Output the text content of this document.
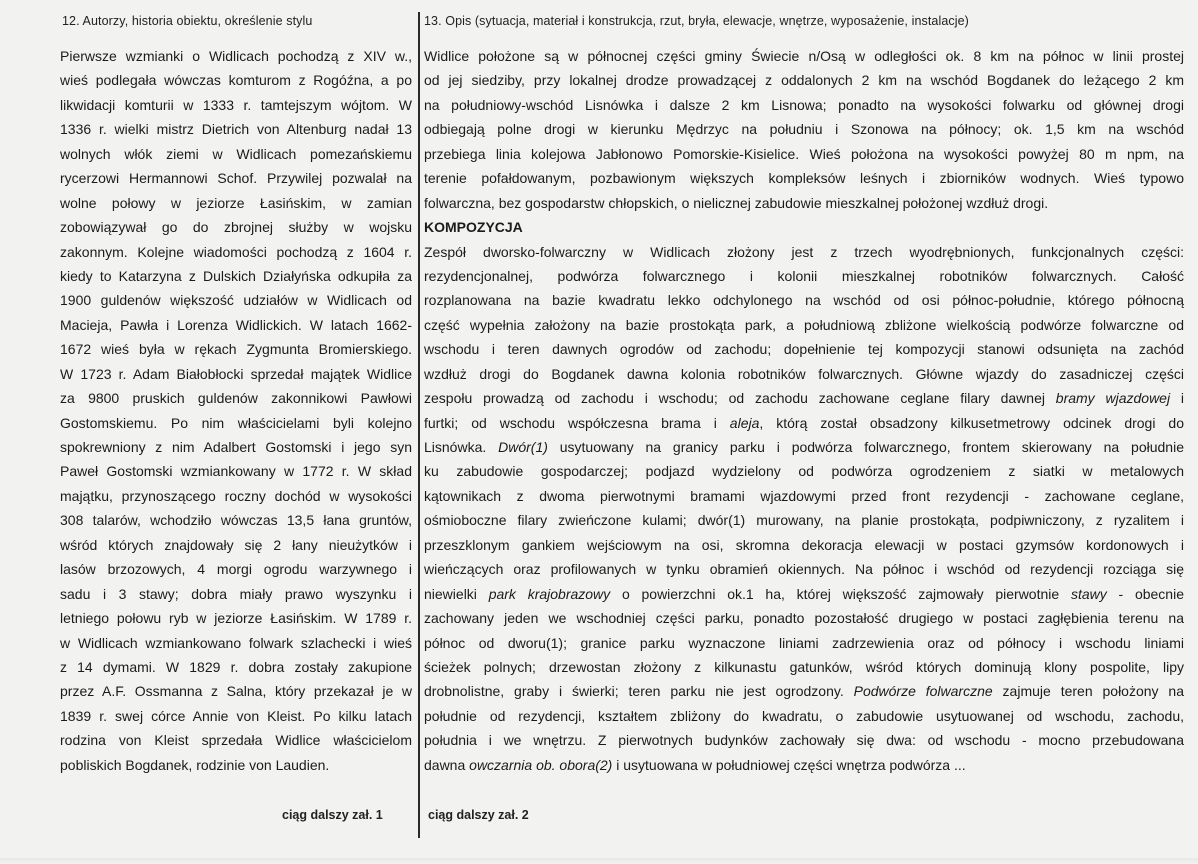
12. Autorzy, historia obiektu, określenie stylu	13. Opis (sytuacja, materiał i konstrukcja, rzut, bryła, elewacje, wnętrze, wyposażenie, instalacje)
Pierwsze wzmianki o Widlicach pochodzą z XIV w.,
wieś podlegała wówczas komturom z Rogóźna, a po
likwidacji komturii w 1333 r. tamtejszym wójtom. W
1336 r. wielki mistrz Dietrich von Altenburg nadał 13
wolnych włók ziemi w Widlicach pomezańskiemu
rycerzowi Hermannowi Schof. Przywilej pozwalał na
wolne połowy w jeziorze Łasińskim, w zamian
zobowiązywał go do zbrojnej służby w wojsku
zakonnym. Kolejne wiadomości pochodzą z 1604 r.
kiedy to Katarzyna z Dulskich Działyńska odkupiła za
1900 guldenów większość udziałów w Widlicach od
Macieja, Pawła i Lorenza Widlickich. W latach 1662-
1672 wieś była w rękach Zygmunta Bromierskiego.
W 1723 r. Adam Białobłocki sprzedał majątek Widlice
za 9800 pruskich guldenów zakonnikowi Pawłowi
Gostomskiemu. Po nim właścicielami byli kolejno
spokrewniony z nim Adalbert Gostomski i jego syn
Paweł Gostomski wzmiankowany w 1772 r. W skład
majątku, przynoszącego roczny dochód w wysokości
308 talarów, wchodziło wówczas 13,5 łana gruntów,
wśród których znajdowały się 2 łany nieużytków i
lasów brzozowych, 4 morgi ogrodu warzywnego i
sadu i 3 stawy; dobra miały prawo wyszynku i
letniego połowu ryb w jeziorze Łasińskim. W 1789 r.
w Widlicach wzmiankowano folwark szlachecki i wieś
z 14 dymami. W 1829 r. dobra zostały zakupione
przez A.F. Ossmanna z Salna, który przekazał je w
1839 r. swej córce Annie von Kleist. Po kilku latach
rodzina von Kleist sprzedała Widlice właścicielom
pobliskich Bogdanek, rodzinie von Laudien.
Widlice położone są w północnej części gminy Świecie n/Osą w odległości ok. 8 km na północ w linii prostej
od jej siedziby, przy lokalnej drodze prowadzącej z oddalonych 2 km na wschód Bogdanek do leżącego 2 km
na południowy-wschód Lisnówka i dalsze 2 km Lisnowa; ponadto na wysokości folwarku od głównej drogi
odbiegają polne drogi w kierunku Mędrzyc na południu i Szonowa na północy; ok. 1,5 km na wschód
przebiega linia kolejowa Jabłonowo Pomorskie-Kisielice. Wieś położona na wysokości powyżej 80 m npm, na
terenie pofałdowanym, pozbawionym większych kompleksów leśnych i zbiorników wodnych. Wieś typowo
folwarczna, bez gospodarstw chłopskich, o nielicznej zabudowie mieszkalnej położonej wzdłuż drogi.
KOMPOZYCJA
Zespół dworsko-folwarczny w Widlicach złożony jest z trzech wyodrębnionych, funkcjonalnych części:
rezydencjonalnej, podwórza folwarcznego i kolonii mieszkalnej robotników folwarcznych. Całość
rozplanowana na bazie kwadratu lekko odchylonego na wschód od osi północ-południe, którego północną
część wypełnia założony na bazie prostokąta park, a południową zbliżone wielkością podwórze folwarczne od
wschodu i teren dawnych ogrodów od zachodu; dopełnienie tej kompozycji stanowi odsunięta na zachód
wzdłuż drogi do Bogdanek dawna kolonia robotników folwarcznych. Główne wjazdy do zasadniczej części
zespołu prowadzą od zachodu i wschodu; od zachodu zachowane ceglane filary dawnej bramy wjazdowej i
furtki; od wschodu współczesna brama i aleja, którą został obsadzony kilkusetmetrowy odcinek drogi do
Lisnówka. Dwór(1) usytuowany na granicy parku i podwórza folwarcznego, frontem skierowany na południe
ku zabudowie gospodarczej; podjazd wydzielony od podwórza ogrodzeniem z siatki w metalowych
kątownikach z dwoma pierwotnymi bramami wjazdowymi przed front rezydencji - zachowane ceglane,
ośmioboczne filary zwieńczone kulami; dwór(1) murowany, na planie prostokąta, podpiwniczony, z ryzalitem i
przeszklonym gankiem wejściowym na osi, skromna dekoracja elewacji w postaci gzymsów kordonowych i
wieńczących oraz profilowanych w tynku obramień okiennych. Na północ i wschód od rezydencji rozciąga się
niewielki park krajobrazowy o powierzchni ok.1 ha, której większość zajmowały pierwotnie stawy - obecnie
zachowany jeden we wschodniej części parku, ponadto pozostałość drugiego w postaci zagłębienia terenu na
północ od dworu(1); granice parku wyznaczone liniami zadrzewienia oraz od północy i wschodu liniami
ścieżek polnych; drzewostan złożony z kilkunastu gatunków, wśród których dominują klony pospolite, lipy
drobnolistne, graby i świerki; teren parku nie jest ogrodzony. Podwórze folwarczne zajmuje teren położony na
południe od rezydencji, kształtem zbliżony do kwadratu, o zabudowie usytuowanej od wschodu, zachodu,
południa i we wnętrzu. Z pierwotnych budynków zachowały się dwa: od wschodu - mocno przebudowana
dawna owczarnia ob. obora(2) i usytuowana w południowej części wnętrza podwórza ...
ciąg dalszy zał. 1	ciąg dalszy zał. 2
